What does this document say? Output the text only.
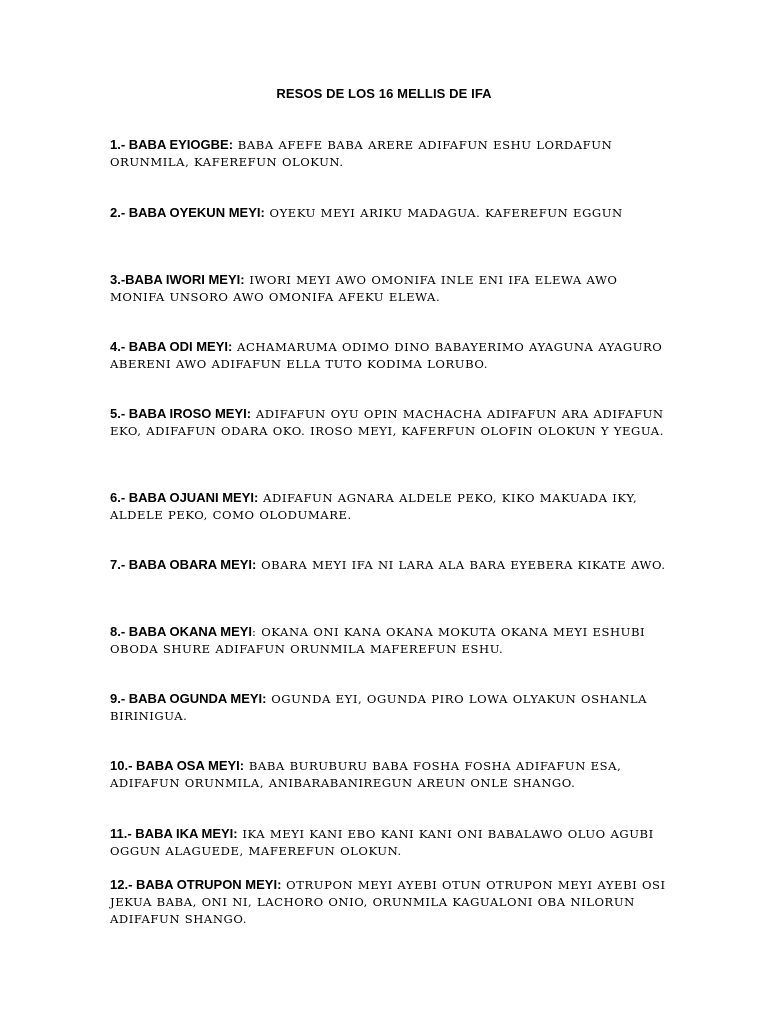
RESOS DE LOS 16 MELLIS DE IFA
1.- BABA EYIOGBE: BABA AFEFE BABA ARERE ADIFAFUN ESHU LORDAFUN ORUNMILA, KAFEREFUN OLOKUN.
2.- BABA OYEKUN MEYI: OYEKU MEYI ARIKU MADAGUA. KAFEREFUN EGGUN
3.-BABA IWORI MEYI: IWORI MEYI AWO OMONIFA INLE ENI IFA ELEWA AWO MONIFA UNSORO AWO OMONIFA AFEKU ELEWA.
4.- BABA ODI MEYI: ACHAMARUMA ODIMO DINO BABAYERIMO AYAGUNA AYAGURO ABERENI AWO ADIFAFUN ELLA TUTO KODIMA LORUBO.
5.- BABA IROSO MEYI: ADIFAFUN OYU OPIN MACHACHA ADIFAFUN ARA ADIFAFUN EKO, ADIFAFUN ODARA OKO. IROSO MEYI, KAFERFUN OLOFIN OLOKUN Y YEGUA.
6.- BABA OJUANI MEYI: ADIFAFUN AGNARA ALDELE PEKO, KIKO MAKUADA IKY, ALDELE PEKO, COMO OLODUMARE.
7.- BABA OBARA MEYI: OBARA MEYI IFA NI LARA ALA BARA EYEBERA KIKATE AWO.
8.- BABA OKANA MEYI: OKANA ONI KANA OKANA MOKUTA OKANA MEYI ESHUBI OBODA SHURE ADIFAFUN ORUNMILA MAFEREFUN ESHU.
9.- BABA OGUNDA MEYI: OGUNDA EYI, OGUNDA PIRO LOWA OLYAKUN OSHANLA BIRINIGUA.
10.- BABA OSA MEYI: BABA BURUBURU BABA FOSHA FOSHA ADIFAFUN ESA, ADIFAFUN ORUNMILA, ANIBARABANIREGUN AREUN ONLE SHANGO.
11.- BABA IKA MEYI: IKA MEYI KANI EBO KANI KANI ONI BABALAWO OLUO AGUBI OGGUN ALAGUEDE, MAFEREFUN OLOKUN.
12.- BABA OTRUPON MEYI: OTRUPON MEYI AYEBI OTUN OTRUPON MEYI AYEBI OSI JEKUA BABA, ONI NI, LACHORO ONIO, ORUNMILA KAGUALONI OBA NILORUN ADIFAFUN SHANGO.
